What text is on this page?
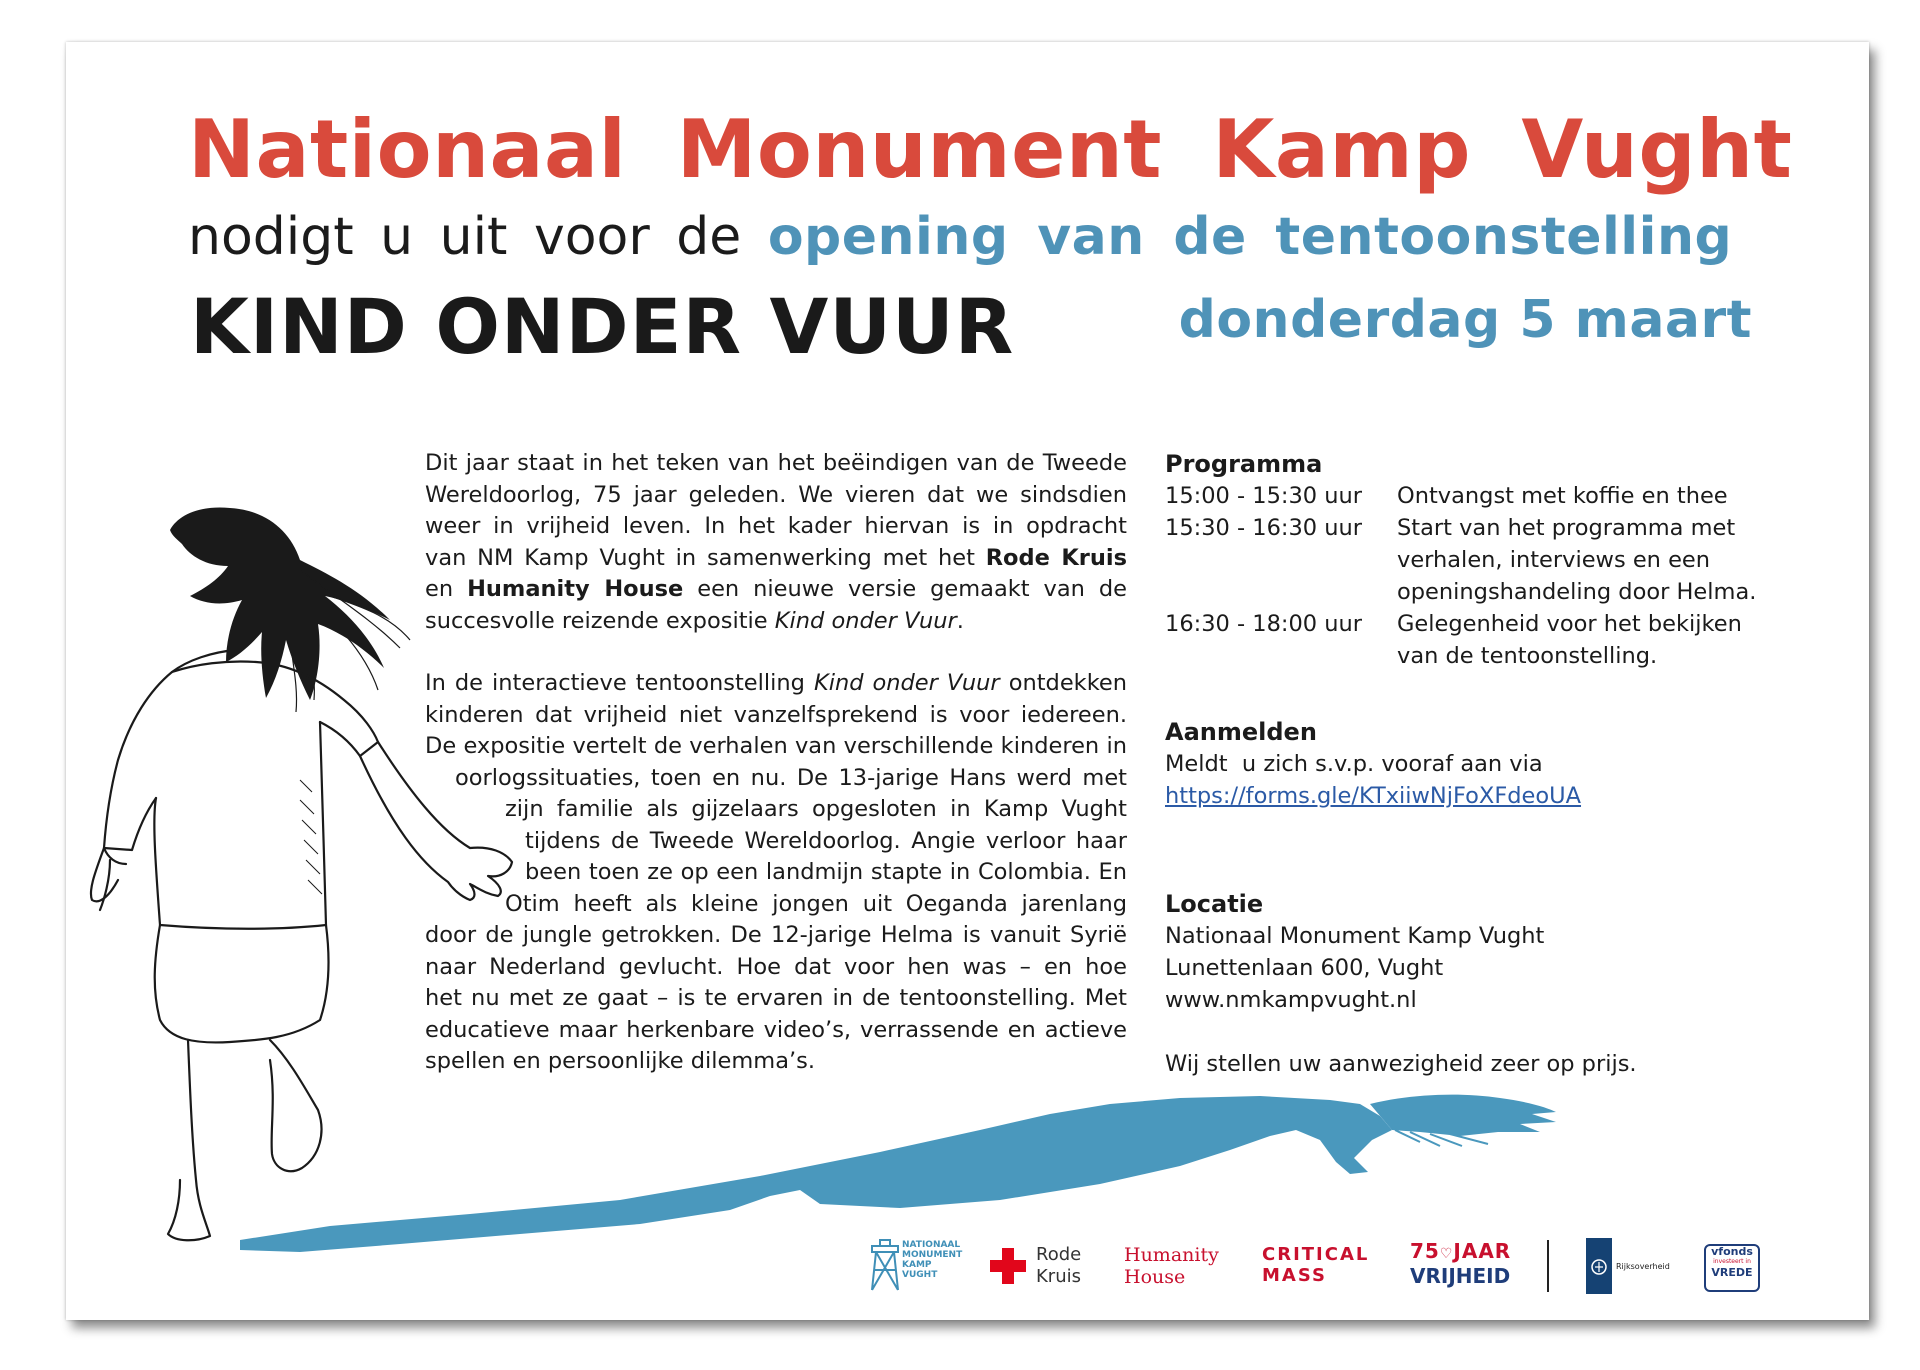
Nationaal Monument Kamp Vught
nodigt u uit voor de opening van de tentoonstelling
KIND ONDER VUUR	donderdag 5 maart
Dit jaar staat in het teken van het beëindigen van de Tweede
Wereldoorlog, 75 jaar geleden. We vieren dat we sindsdien
weer in vrijheid leven. In het kader hiervan is in opdracht
van NM Kamp Vught in samenwerking met het Rode Kruis
en Humanity House een nieuwe versie gemaakt van de
succesvolle reizende expositie Kind onder Vuur.
In de interactieve tentoonstelling Kind onder Vuur ontdekken
kinderen dat vrijheid niet vanzelfsprekend is voor iedereen.
De expositie vertelt de verhalen van verschillende kinderen in
oorlogssituaties, toen en nu. De 13-jarige Hans werd met
zijn familie als gijzelaars opgesloten in Kamp Vught
tijdens de Tweede Wereldoorlog. Angie verloor haar
been toen ze op een landmijn stapte in Colombia. En
Otim heeft als kleine jongen uit Oeganda jarenlang
door de jungle getrokken. De 12-jarige Helma is vanuit Syrië
naar Nederland gevlucht. Hoe dat voor hen was – en hoe
het nu met ze gaat – is te ervaren in de tentoonstelling. Met
educatieve maar herkenbare video’s, verrassende en actieve
spellen en persoonlijke dilemma’s.
Programma
15:00 - 15:30 uur	Ontvangst met koffie en thee
15:30 - 16:30 uur	Start van het programma met
verhalen, interviews en een
openingshandeling door Helma.
16:30 - 18:00 uur	Gelegenheid voor het bekijken
van de tentoonstelling.
Aanmelden
Meldt  u zich s.v.p. vooraf aan via
https://forms.gle/KTxiiwNjFoXFdeoUA
Locatie
Nationaal Monument Kamp Vught
Lunettenlaan 600, Vught
www.nmkampvught.nl
Wij stellen uw aanwezigheid zeer op prijs.
NATIONAAL
MONUMENT
KAMP
VUGHT
Rode
Kruis
Humanity
House
CRITICAL
MASS
75♡JAAR
VRIJHEID	Rijksoverheid
vfonds
investeert in
VREDE
